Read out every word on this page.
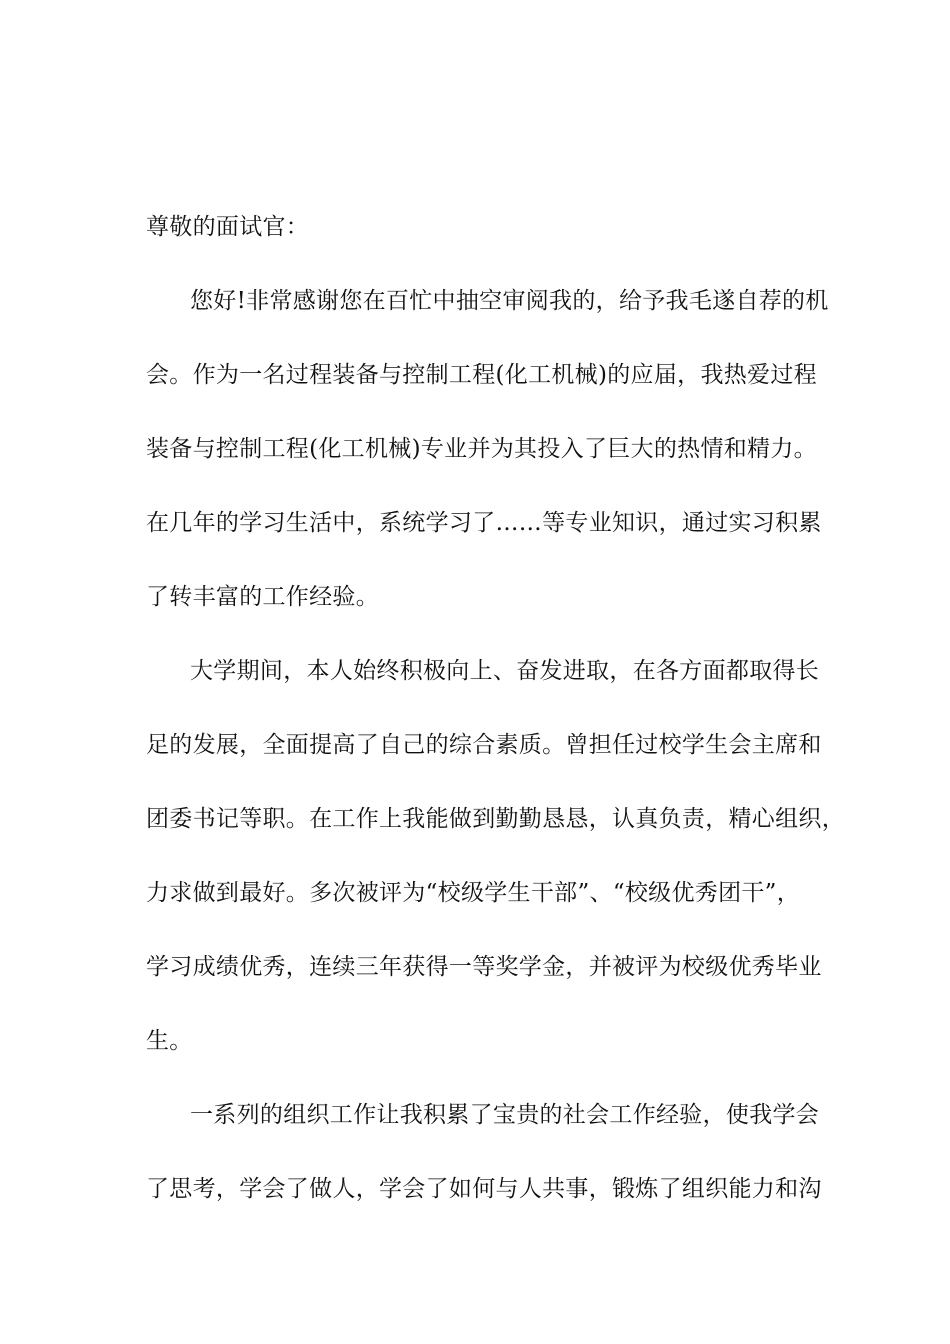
尊敬的面试官：

您好!非常感谢您在百忙中抽空审阅我的，给予我毛遂自荐的机

会。作为一名过程装备与控制工程(化工机械)的应届，我热爱过程

装备与控制工程(化工机械)专业并为其投入了巨大的热情和精力。

在几年的学习生活中，系统学习了……等专业知识，通过实习积累

了转丰富的工作经验。

大学期间，本人始终积极向上、奋发进取，在各方面都取得长

足的发展，全面提高了自己的综合素质。曾担任过校学生会主席和

团委书记等职。在工作上我能做到勤勤恳恳，认真负责，精心组织，

力求做到最好。多次被评为“校级学生干部”、“校级优秀团干”，

学习成绩优秀，连续三年获得一等奖学金，并被评为校级优秀毕业

生。

一系列的组织工作让我积累了宝贵的社会工作经验，使我学会

了思考，学会了做人，学会了如何与人共事，锻炼了组织能力和沟
